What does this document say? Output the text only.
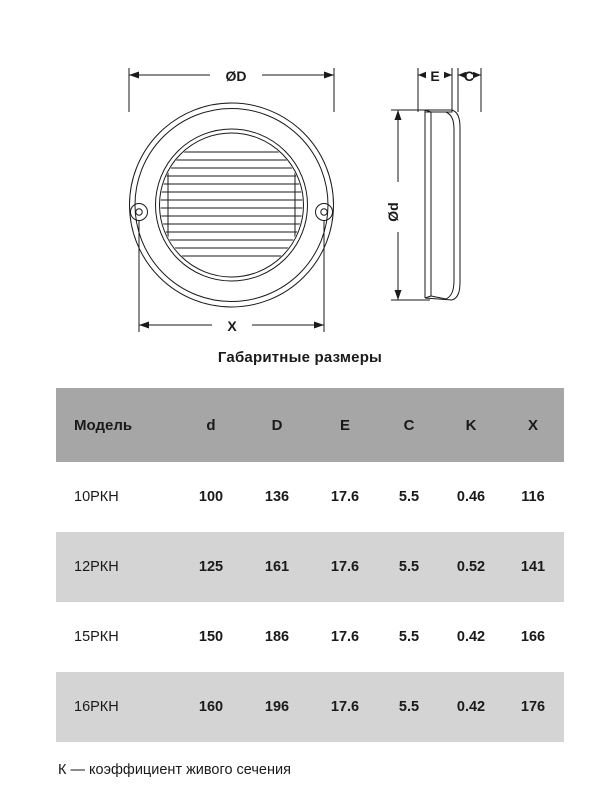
ØD
X
E C
Ød
Габаритные размеры
Модель	d	D	E	C	K	X
10РКН	100	136	17.6	5.5	0.46	116
12РКН	125	161	17.6	5.5	0.52	141
15РКН	150	186	17.6	5.5	0.42	166
16РКН	160	196	17.6	5.5	0.42	176
К — коэффициент живого сечения
